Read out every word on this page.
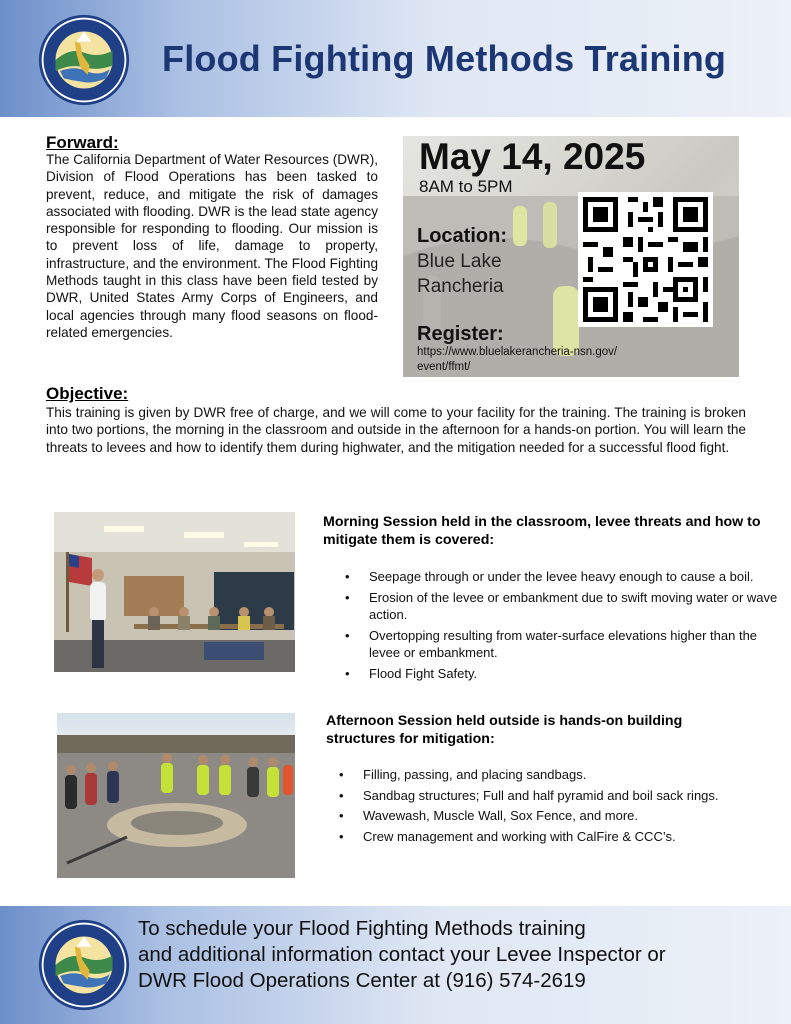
Flood Fighting Methods Training
Forward:
The California Department of Water Resources (DWR), Division of Flood Operations has been tasked to prevent, reduce, and mitigate the risk of damages associated with flooding. DWR is the lead state agency responsible for responding to flooding. Our mission is to prevent loss of life, damage to property, infrastructure, and the environment. The Flood Fighting Methods taught in this class have been field tested by DWR, United States Army Corps of Engineers, and local agencies through many flood seasons on flood-related emergencies.
May 14, 2025
8AM to 5PM
Location:
Blue Lake
Rancheria
Register:
https://www.bluelakerancheria-nsn.gov/
event/ffmt/
Objective:
This training is given by DWR free of charge, and we will come to your facility for the training. The training is broken into two portions, the morning in the classroom and outside in the afternoon for a hands-on portion. You will learn the threats to levees and how to identify them during highwater, and the mitigation needed for a successful flood fight.
Morning Session held in the classroom, levee threats and how to mitigate them is covered:
• Seepage through or under the levee heavy enough to cause a boil.
• Erosion of the levee or embankment due to swift moving water or wave action.
• Overtopping resulting from water-surface elevations higher than the levee or embankment.
• Flood Fight Safety.
Afternoon Session held outside is hands-on building structures for mitigation:
• Filling, passing, and placing sandbags.
• Sandbag structures; Full and half pyramid and boil sack rings.
• Wavewash, Muscle Wall, Sox Fence, and more.
• Crew management and working with CalFire & CCC’s.
To schedule your Flood Fighting Methods training
and additional information contact your Levee Inspector or
DWR Flood Operations Center at (916) 574-2619
